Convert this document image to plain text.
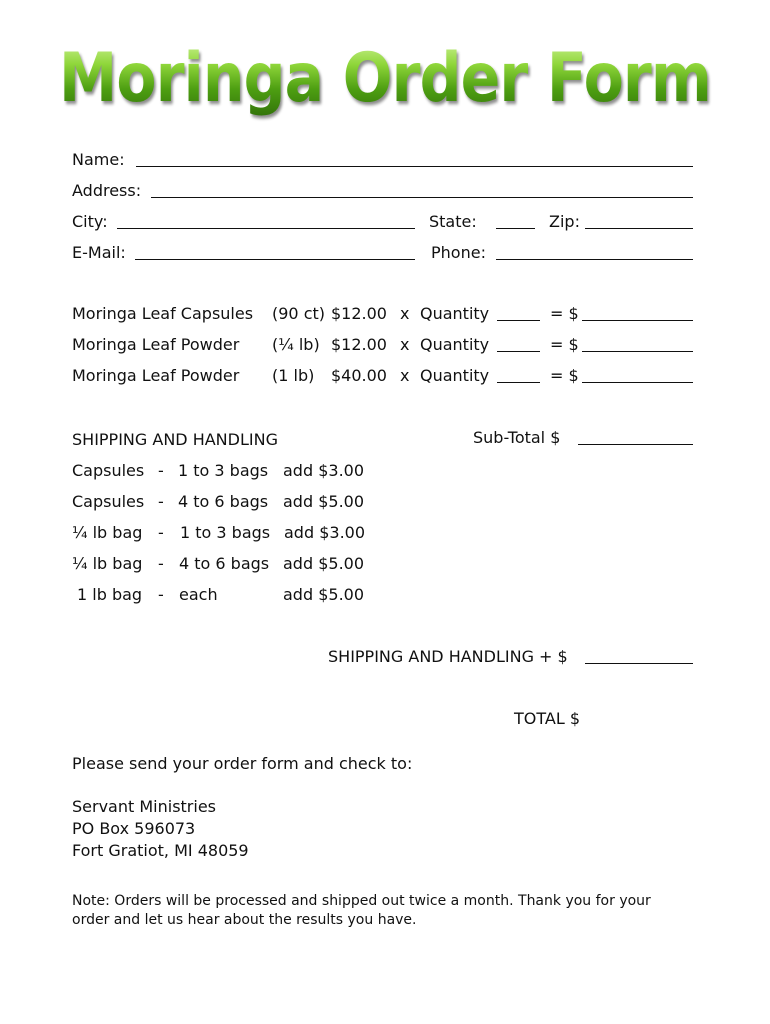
Moringa Order Form
Name:
Address:
City:	State:	Zip:
E-Mail:	Phone:
Moringa Leaf Capsules (90 ct) $12.00 x Quantity	= $
Moringa Leaf Powder (¼ lb) $12.00 x Quantity	= $
Moringa Leaf Powder (1 lb) $40.00 x Quantity	= $
SHIPPING AND HANDLING	Sub-Total $
Capsules - 1 to 3 bags add $3.00
Capsules - 4 to 6 bags add $5.00
¼ lb bag - 1 to 3 bags add $3.00
¼ lb bag - 4 to 6 bags add $5.00
1 lb bag - each	add $5.00
SHIPPING AND HANDLING + $
TOTAL $
Please send your order form and check to:
Servant Ministries
PO Box 596073
Fort Gratiot, MI 48059
Note: Orders will be processed and shipped out twice a month. Thank you for your
order and let us hear about the results you have.
